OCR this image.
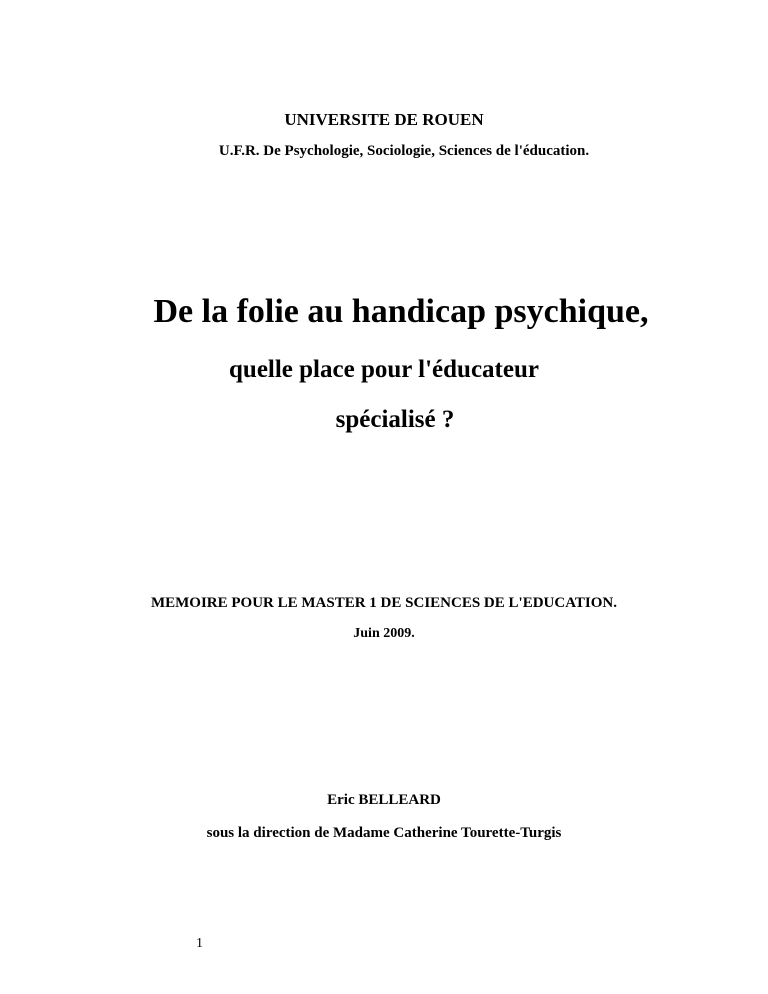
UNIVERSITE DE ROUEN
U.F.R. De Psychologie, Sociologie, Sciences de l'éducation.
De la folie au handicap psychique,
quelle place pour l'éducateur
spécialisé ?
MEMOIRE POUR LE MASTER 1 DE SCIENCES DE L'EDUCATION.
Juin 2009.
Eric BELLEARD
sous la direction de Madame Catherine Tourette-Turgis
1
